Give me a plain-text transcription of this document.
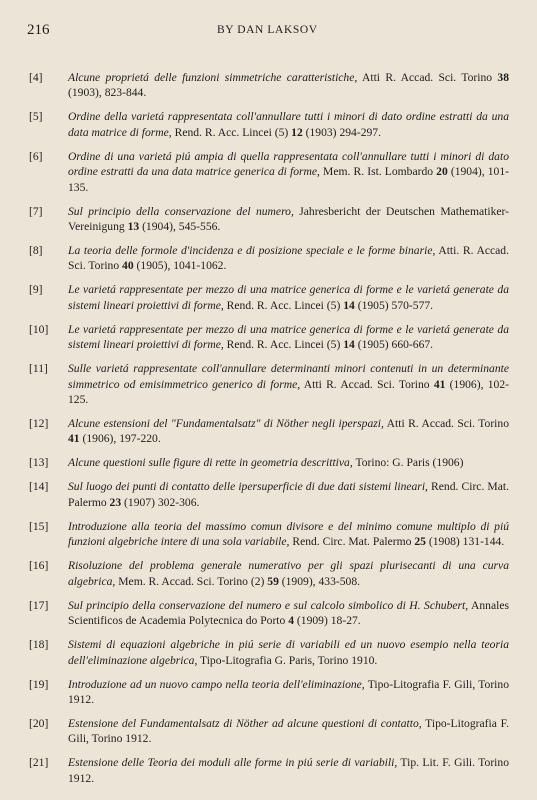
216	BY DAN LAKSOV
[4]	Alcune proprietá delle funzioni simmetriche caratteristiche, Atti R. Accad. Sci. Torino 38 (1903), 823-844.
[5]	Ordine della varietá rappresentata coll'annullare tutti i minori di dato ordine estratti da una data matrice di forme, Rend. R. Acc. Lincei (5) 12 (1903) 294-297.
[6]	Ordine di una varietá piú ampia di quella rappresentata coll'annullare tutti i minori di dato ordine estratti da una data matrice generica di forme, Mem. R. Ist. Lombardo 20 (1904), 101-135.
[7]	Sul principio della conservazione del numero, Jahresbericht der Deutschen Mathematiker-Vereinigung 13 (1904), 545-556.
[8]	La teoria delle formole d'incidenza e di posizione speciale e le forme binarie, Atti. R. Accad. Sci. Torino 40 (1905), 1041-1062.
[9]	Le varietá rappresentate per mezzo di una matrice generica di forme e le varietá generate da sistemi lineari proiettivi di forme, Rend. R. Acc. Lincei (5) 14 (1905) 570-577.
[10]	Le varietá rappresentate per mezzo di una matrice generica di forme e le varietá generate da sistemi lineari proiettivi di forme, Rend. R. Acc. Lincei (5) 14 (1905) 660-667.
[11]	Sulle varietá rappresentate coll'annullare determinanti minori contenuti in un determinante simmetrico od emisimmetrico generico di forme, Atti R. Accad. Sci. Torino 41 (1906), 102-125.
[12]	Alcune estensioni del "Fundamentalsatz" di Nöther negli iperspazi, Atti R. Accad. Sci. Torino 41 (1906), 197-220.
[13]	Alcune questioni sulle figure di rette in geometria descrittiva, Torino: G. Paris (1906)
[14]	Sul luogo dei punti di contatto delle ipersuperficie di due dati sistemi lineari, Rend. Circ. Mat. Palermo 23 (1907) 302-306.
[15]	Introduzione alla teoria del massimo comun divisore e del minimo comune multiplo di piú funzioni algebriche intere di una sola variabile, Rend. Circ. Mat. Palermo 25 (1908) 131-144.
[16]	Risoluzione del problema generale numerativo per gli spazi plurisecanti di una curva algebrica, Mem. R. Accad. Sci. Torino (2) 59 (1909), 433-508.
[17]	Sul principio della conservazione del numero e sul calcolo simbolico di H. Schubert, Annales Scientificos de Academia Polytecnica do Porto 4 (1909) 18-27.
[18]	Sistemi di equazioni algebriche in piú serie di variabili ed un nuovo esempio nella teoria dell'eliminazione algebrica, Tipo-Litografia G. Paris, Torino 1910.
[19]	Introduzione ad un nuovo campo nella teoria dell'eliminazione, Tipo-Litografia F. Gili, Torino 1912.
[20]	Estensione del Fundamentalsatz di Nöther ad alcune questioni di contatto, Tipo-Litografia F. Gili, Torino 1912.
[21]	Estensione delle Teoria dei moduli alle forme in piú serie di variabili, Tip. Lit. F. Gili. Torino 1912.
